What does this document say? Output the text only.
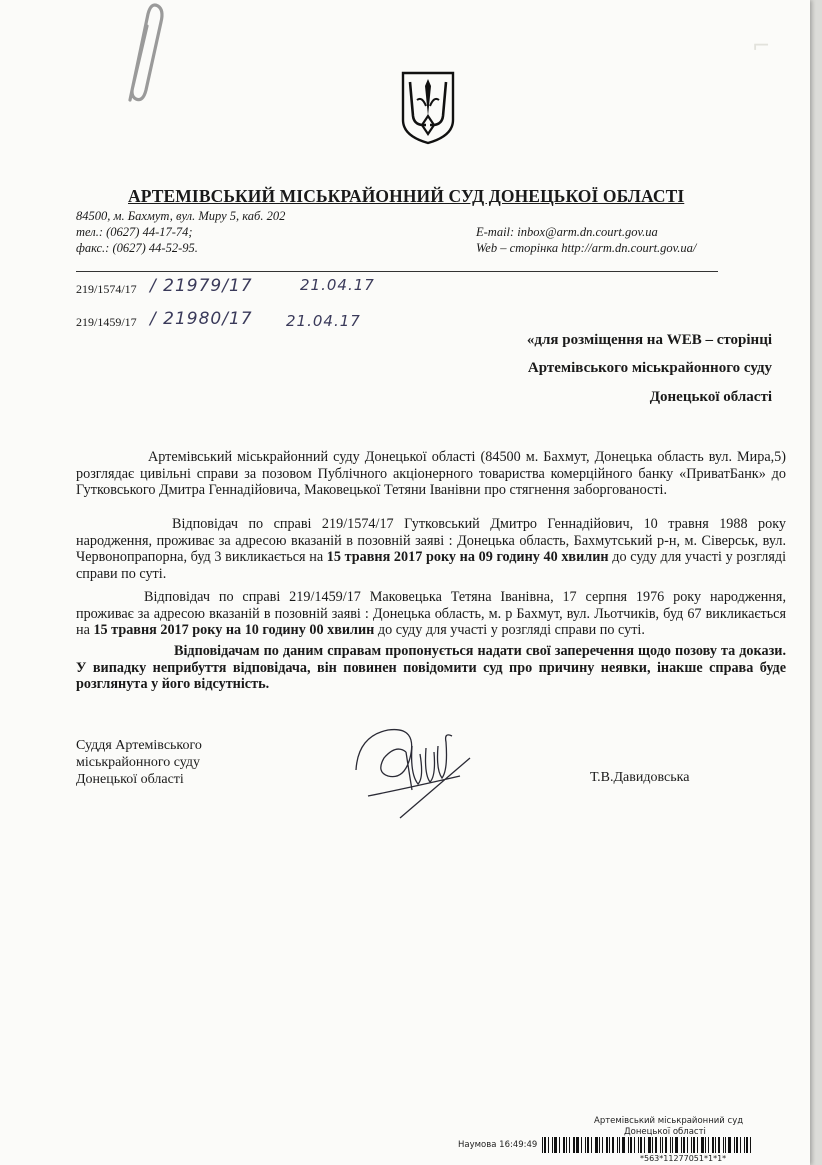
⌐
АРТЕМІВСЬКИЙ МІСЬКРАЙОННИЙ СУД ДОНЕЦЬКОЇ ОБЛАСТІ
84500, м. Бахмут, вул. Миру 5, каб. 202
тел.: (0627) 44-17-74;
факс.: (0627) 44-52-95.
E-mail: inbox@arm.dn.court.gov.ua
Web – сторінка http://arm.dn.court.gov.ua/
219/1574/17 / 21979/17	21.04.17
219/1459/17 / 21980/17 21.04.17
«для розміщення на WEB – сторінці
Артемівського міськрайонного суду
Донецької області
Артемівський міськрайонний суду Донецької області (84500 м. Бахмут, Донецька область вул. Мира,5) розглядає цивільні справи за позовом Публічного акціонерного товариства комерційного банку «ПриватБанк» до Гутковського Дмитра Геннадійовича, Маковецької Тетяни Іванівни про стягнення заборгованості.
Відповідач по справі 219/1574/17 Гутковський Дмитро Геннадійович, 10 травня 1988 року народження, проживає за адресою вказаній в позовній заяві : Донецька область, Бахмутський р-н, м. Сіверськ, вул. Червонопрапорна, буд 3 викликається на 15 травня 2017 року на 09 годину 40 хвилин до суду для участі у розгляді справи по суті.
Відповідач по справі 219/1459/17 Маковецька Тетяна Іванівна, 17 серпня 1976 року народження, проживає за адресою вказаній в позовній заяві : Донецька область, м. р Бахмут, вул. Льотчиків, буд 67 викликається на 15 травня 2017 року на 10 годину 00 хвилин до суду для участі у розгляді справи по суті.
Відповідачам по даним справам пропонується надати свої заперечення щодо позову та докази. У випадку неприбуття відповідача, він повинен повідомити суд про причину неявки, інакше справа буде розглянута у його відсутність.
Суддя Артемівського
міськрайонного суду
Донецької області	Т.В.Давидовська
Артемівський міськрайонний суд
Донецької області
Наумова 16:49:49
*563*11277051*1*1*
